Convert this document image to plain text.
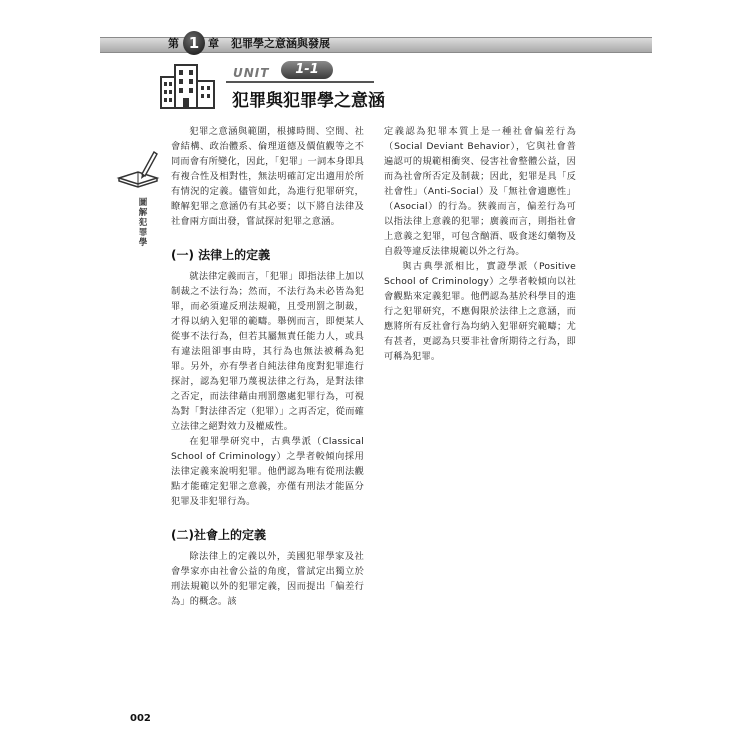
第 1 章 犯罪學之意涵與發展
UNIT	1-1
犯罪與犯罪學之意涵
圖解犯罪學

犯罪之意涵與範圍，根據時間、空間、社會結構、政治體系、倫理道德及價值觀等之不同而會有所變化，因此，「犯罪」一詞本身即具有複合性及相對性，無法明確訂定出適用於所有情況的定義。儘管如此，為進行犯罪研究，瞭解犯罪之意涵仍有其必要；以下將自法律及社會兩方面出發，嘗試探討犯罪之意涵。

(一) 法律上的定義

就法律定義而言，「犯罪」即指法律上加以制裁之不法行為；然而，不法行為未必皆為犯罪，而必須違反刑法規範，且受刑罰之制裁，才得以納入犯罪的範疇。舉例而言，即便某人從事不法行為，但若其屬無責任能力人，或具有違法阻卻事由時，其行為也無法被稱為犯罪。另外，亦有學者自純法律角度對犯罪進行探討，認為犯罪乃蔑視法律之行為，是對法律之否定，而法律藉由刑罰懲處犯罪行為，可視為對「對法律否定（犯罪）」之再否定，從而確立法律之絕對效力及權威性。

在犯罪學研究中，古典學派（Classical School of Criminology）之學者較傾向採用法律定義來說明犯罪。他們認為唯有從刑法觀點才能確定犯罪之意義，亦僅有刑法才能區分犯罪及非犯罪行為。

(二)社會上的定義

除法律上的定義以外，美國犯罪學家及社會學家亦由社會公益的角度，嘗試定出獨立於刑法規範以外的犯罪定義，因而提出「偏差行為」的概念。該

定義認為犯罪本質上是一種社會偏差行為（Social Deviant Behavior），它與社會普遍認可的規範相衝突、侵害社會整體公益，因而為社會所否定及制裁；因此，犯罪是具「反社會性」（Anti-Social）及「無社會適應性」（Asocial）的行為。狹義而言，偏差行為可以指法律上意義的犯罪；廣義而言，則指社會上意義之犯罪，可包含酗酒、吸食迷幻藥物及自殺等違反法律規範以外之行為。

與古典學派相比，實證學派（Positive School of Criminology）之學者較傾向以社會觀點來定義犯罪。他們認為基於科學目的進行之犯罪研究，不應侷限於法律上之意涵，而應將所有反社會行為均納入犯罪研究範疇；尤有甚者，更認為只要非社會所期待之行為，即可稱為犯罪。

002
